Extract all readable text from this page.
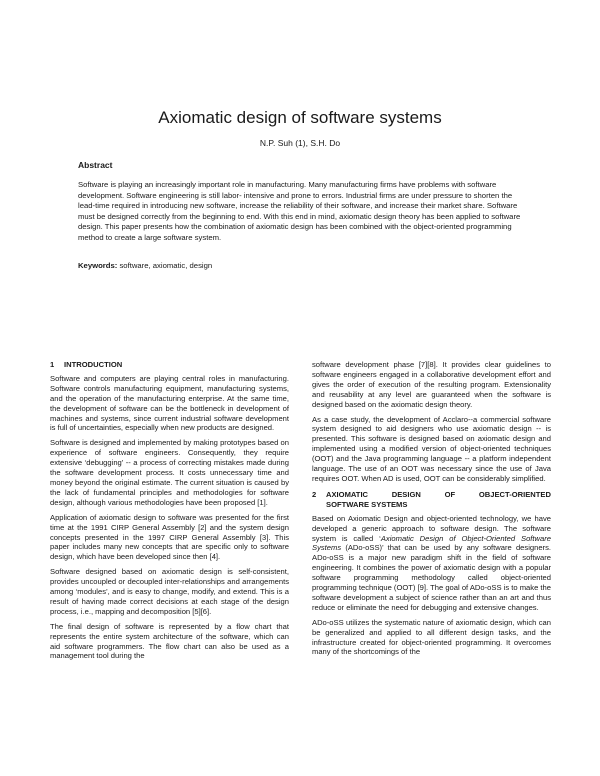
Axiomatic design of software systems
N.P. Suh (1), S.H. Do
Abstract

Software is playing an increasingly important role in manufacturing. Many manufacturing firms have problems with software development. Software engineering is still labor- intensive and prone to errors. Industrial firms are under pressure to shorten the lead-time required in introducing new software, increase the reliability of their software, and increase their market share. Software must be designed correctly from the beginning to end. With this end in mind, axiomatic design theory has been applied to software design. This paper presents how the combination of axiomatic design has been combined with the object-oriented programming method to create a large software system.

Keywords: software, axiomatic, design

1 INTRODUCTION

Software and computers are playing central roles in manufacturing. Software controls manufacturing equipment, manufacturing systems, and the operation of the manufacturing enterprise. At the same time, the development of software can be the bottleneck in development of machines and systems, since current industrial software development is full of uncertainties, especially when new products are designed.

Software is designed and implemented by making prototypes based on experience of software engineers. Consequently, they require extensive ‘debugging’ -- a process of correcting mistakes made during the software development process. It costs unnecessary time and money beyond the original estimate. The current situation is caused by the lack of fundamental principles and methodologies for software design, although various methodologies have been proposed [1].

Application of axiomatic design to software was presented for the first time at the 1991 CIRP General Assembly [2] and the system design concepts presented in the 1997 CIRP General Assembly [3]. This paper includes many new concepts that are specific only to software design, which have been developed since then [4].

Software designed based on axiomatic design is self-consistent, provides uncoupled or decoupled inter-relationships and arrangements among ‘modules’, and is easy to change, modify, and extend. This is a result of having made correct decisions at each stage of the design process, i.e., mapping and decomposition [5][6].

The final design of software is represented by a flow chart that represents the entire system architecture of the software, which can aid software programmers. The flow chart can also be used as a management tool during the

software development phase [7][8]. It provides clear guidelines to software engineers engaged in a collaborative development effort and gives the order of execution of the resulting program. Extensionality and reusability at any level are guaranteed when the software is designed based on the axiomatic design theory.

As a case study, the development of Acclaro--a commercial software system designed to aid designers who use axiomatic design -- is presented. This software is designed based on axiomatic design and implemented using a modified version of object-oriented techniques (OOT) and the Java programming language -- a platform independent language. The use of an OOT was necessary since the use of Java requires OOT. When AD is used, OOT can be considerably simplified.

2	AXIOMATIC	DESIGN	OF	OBJECT-ORIENTED
SOFTWARE SYSTEMS

Based on Axiomatic Design and object-oriented technology, we have developed a generic approach to software design. The software system is called ‘Axiomatic Design of Object-Oriented Software Systems (ADo-oSS)’ that can be used by any software designers. ADo-oSS is a major new paradigm shift in the field of software engineering. It combines the power of axiomatic design with a popular software programming methodology called object-oriented programming technique (OOT) [9]. The goal of ADo-oSS is to make the software development a subject of science rather than an art and thus reduce or eliminate the need for debugging and extensive changes.

ADo-oSS utilizes the systematic nature of axiomatic design, which can be generalized and applied to all different design tasks, and the infrastructure created for object-oriented programming. It overcomes many of the shortcomings of the
